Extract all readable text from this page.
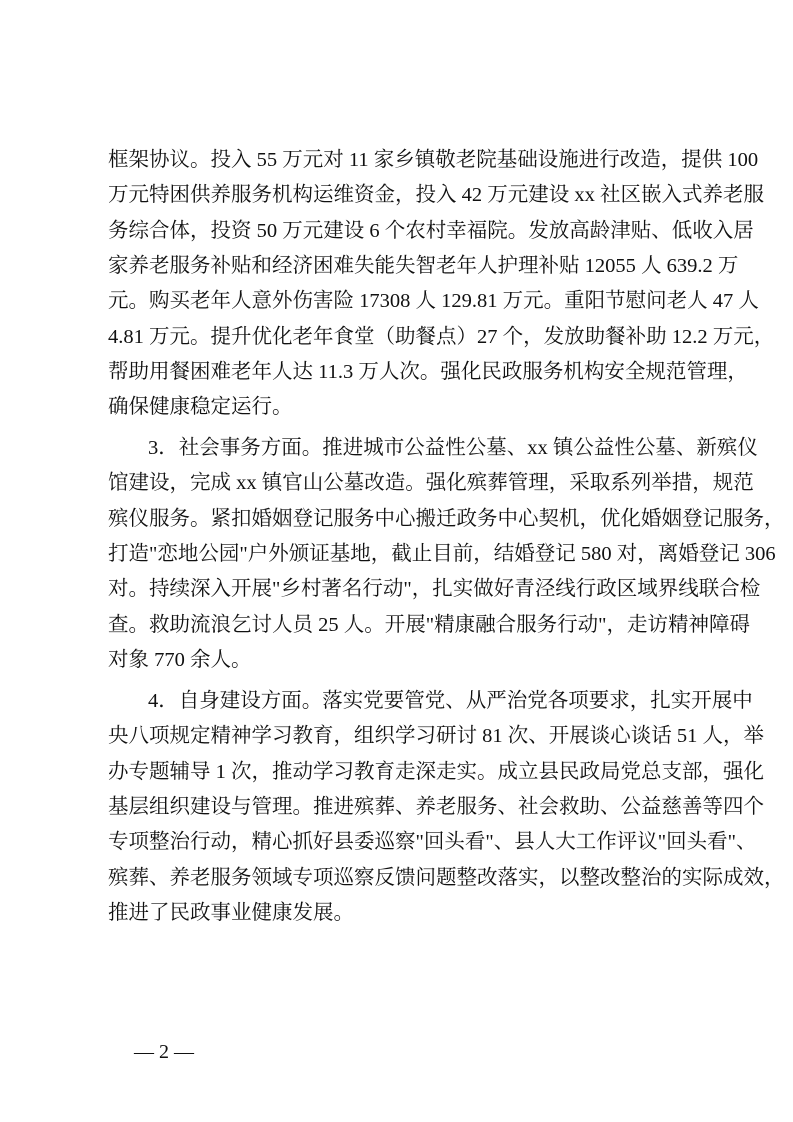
框架协议。投入 55 万元对 11 家乡镇敬老院基础设施进行改造，提供 100
万元特困供养服务机构运维资金，投入 42 万元建设 xx 社区嵌入式养老服
务综合体，投资 50 万元建设 6 个农村幸福院。发放高龄津贴、低收入居
家养老服务补贴和经济困难失能失智老年人护理补贴 12055 人 639.2 万
元。购买老年人意外伤害险 17308 人 129.81 万元。重阳节慰问老人 47 人
4.81 万元。提升优化老年食堂（助餐点）27 个，发放助餐补助 12.2 万元，
帮助用餐困难老年人达 11.3 万人次。强化民政服务机构安全规范管理，
确保健康稳定运行。
3．社会事务方面。推进城市公益性公墓、xx 镇公益性公墓、新殡仪
馆建设，完成 xx 镇官山公墓改造。强化殡葬管理，采取系列举措，规范
殡仪服务。紧扣婚姻登记服务中心搬迁政务中心契机，优化婚姻登记服务，
打造"恋地公园"户外颁证基地，截止目前，结婚登记 580 对，离婚登记 306
对。持续深入开展"乡村著名行动"，扎实做好青泾线行政区域界线联合检
查。救助流浪乞讨人员 25 人。开展"精康融合服务行动"，走访精神障碍
对象 770 余人。
4．自身建设方面。落实党要管党、从严治党各项要求，扎实开展中
央八项规定精神学习教育，组织学习研讨 81 次、开展谈心谈话 51 人，举
办专题辅导 1 次，推动学习教育走深走实。成立县民政局党总支部，强化
基层组织建设与管理。推进殡葬、养老服务、社会救助、公益慈善等四个
专项整治行动，精心抓好县委巡察"回头看"、县人大工作评议"回头看"、
殡葬、养老服务领域专项巡察反馈问题整改落实，以整改整治的实际成效，
推进了民政事业健康发展。
— 2 —
